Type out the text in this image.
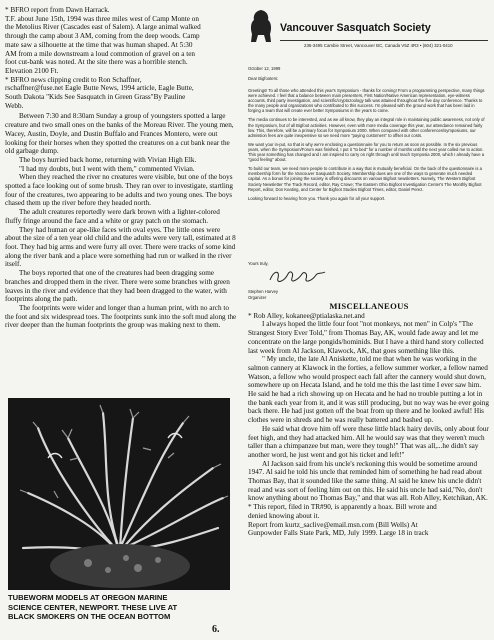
* BFRO report from Dawn Harrack.

T.F. about June 15th, 1994 was three miles west of Camp Monte on

the Metolius River (Cascades east of Salem). A large animal walked

through the camp about 3 AM, coming from the deep woods. Camp

mate saw a silhouette at the time that was human shaped. At 5:30

AM from a mile downstream a loud commotion of gravel on a ten

foot cut-bank was noted. At the site there was a horrible stench.

Elevation 2100 Ft.

* BFRO news clipping credit to Ron Schaffner,

rschaffner@fuse.net Eagle Butte News, 1994 article, Eagle Butte,

South Dakota "Kids See Sasquatch in Green Grass"By Pauline

Webb.

Between 7:30 and 8:30am Sunday a group of youngsters spotted a large creature and two small ones on the banks of the Moreau River. The young men, Wacey, Austin, Doyle, and Dustin Buffalo and Frances Montero, were out looking for their horses when they spotted the creatures on a cut bank near the old garbage dump.

The boys hurried back home, returning with Vivian High Elk.

"I had my doubts, but I went with them," commented Vivian.

When they reached the river no creatures were visible, but one of the boys spotted a face looking out of some brush. They ran over to investigate, startling four of the creatures, two appearing to be adults and two young ones. The boys chased them up the river before they headed north.

The adult creatures reportedly were dark brown with a lighter-colored fluffy fringe around the face and a white or gray patch on the stomach.

They had human or ape-like faces with oval eyes. The little ones were about the size of a ten year old child and the adults were very tall, estimated at 8 foot. They had big arms and were furry all over. There were tracks of some kind along the river bank and a place were something had run or walked in the river itself.

The boys reported that one of the creatures had been dragging some branches and dropped them in the river. There were some branches with green leaves in the river and evidence that they had been dragged to the water, with footprints along the path.

The footprints were wider and longer than a human print, with no arch to the foot and six widespread toes. The footprints sunk into the soft mud along the river deeper than the human footprints the group was making next to them.

TUBEWORM MODELS AT OREGON MARINE SCIENCE CENTER, NEWPORT. THESE LIVE AT BLACK SMOKERS ON THE OCEAN BOTTOM
6.
Vancouver Sasquatch Society
236-3495 Cambie Street, Vancouver BC, Canada V5Z 4R3 • (604) 321-0410
October 12, 1999
Dear Bigfooters:

Greetings! To all those who attended this year's Symposium - thanks for coming! From a programming perspective, many things were achieved. I feel that a balance between main presenters, First Nation/Native American representation, eye-witness accounts, third party investigation, and scientific/cryptozoology talk was attained throughout the five day conference. Thanks to the many people and organizations who contributed to this success. I'm pleased with the ground work that has been laid in forging a team that will create ever better Symposiums in the years to come.

The media continues to be interested, and as we all know, they play an integral role in maintaining public awareness, not only of the Symposium, but of all Bigfoot activities. However, even with more media coverage this year, our attendance remained fairly low. This, therefore, will be a primary focus for Symposium 2000. When compared with other conferences/symposiums, our admission fees are quite inexpensive so we need more "paying customers" to offset our costs.

We want your in-put, so that is why we're enclosing a questionnaire for you to return as soon as possible. In the six previous years, when the Symposium/Forum was finished, I put it "to bed" for a number of months until the next year called me to action. This year something has changed and I am inspired to carry on right through until mach Symposia 2000, which I already have a "good feeling" about.

To build our team, we need more people to contribute in a way that is mutually beneficial. On the back of the questionnaire is a membership form for the Vancouver Sasquatch Society. Membership dues are one of the ways to generate much needed capital. As a bonus for joining the society is offering discounts on various Bigfoot newsletters. Namely, The Western Bigfoot Society Newsletter The Track Record, editor, Ray Crowe; The Eastern Ohio Bigfoot Investigation Center's The Monthly Bigfoot Report, editor, Don Keating, and Center for Bigfoot Studies Bigfoot Times, editor, Daniel Perez.

Looking forward to hearing from you. Thank you again for all your support.

Yours truly,
Stephen Harvey
Organizer
MISCELLANEOUS

* Rob Alley, kokanee@ptialaska.net.and

I always hoped the little four foot "not monkeys, not men" in Colp's "The Strangest Story Ever Told," from Thomas Bay, AK, would fade away and let me concentrate on the large pongids/hominids. But I have a third hand story collected last week from Al Jackson, Klawock, AK, that goes something like this.

" My uncle, the late Al Aniskette, told me that when he was working in the salmon cannery at Klawock in the forties, a fellow summer worker, a fellow named Watson, a fellow who would prospect each fall after the cannery would shut down, somewhere up on Hecata Island, and he told me this the last time I ever saw him. He said he had a rich showing up on Hecata and he had no trouble putting a lot in the bank each year from it, and it was still producing, but no way was he ever going back there. He had just gotten off the boat from up there and he looked awful! His clothes were in shreds and he was really battered and bashed up.

He said what drove him off were these little black hairy devils, only about four feet high, and they had attacked him. All he would say was that they weren't much taller than a chimpanzee but man, were they tough!" That was all,...he didn't say another word, he just went and got his ticket and left!"

Al Jackson said from his uncle's reckoning this would be sometime around 1947. Al said he told his uncle that reminded him of something he had read about Thomas Bay, that it sounded like the same thing. Al said he knew his uncle didn't read and was sort of feeling him out on this. He said his uncle had said,"No, don't know anything about no Thomas Bay," and that was all. Rob Alley, Ketchikan, AK.

* This report, filed in TR#90, is apparently a hoax. Bill wrote and

denied knowing about it.

Report from kurtz_saclive@email.msn.com (Bill Wells) At

Gunpowder Falls State Park, MD, July 1999. Large 18 in track
